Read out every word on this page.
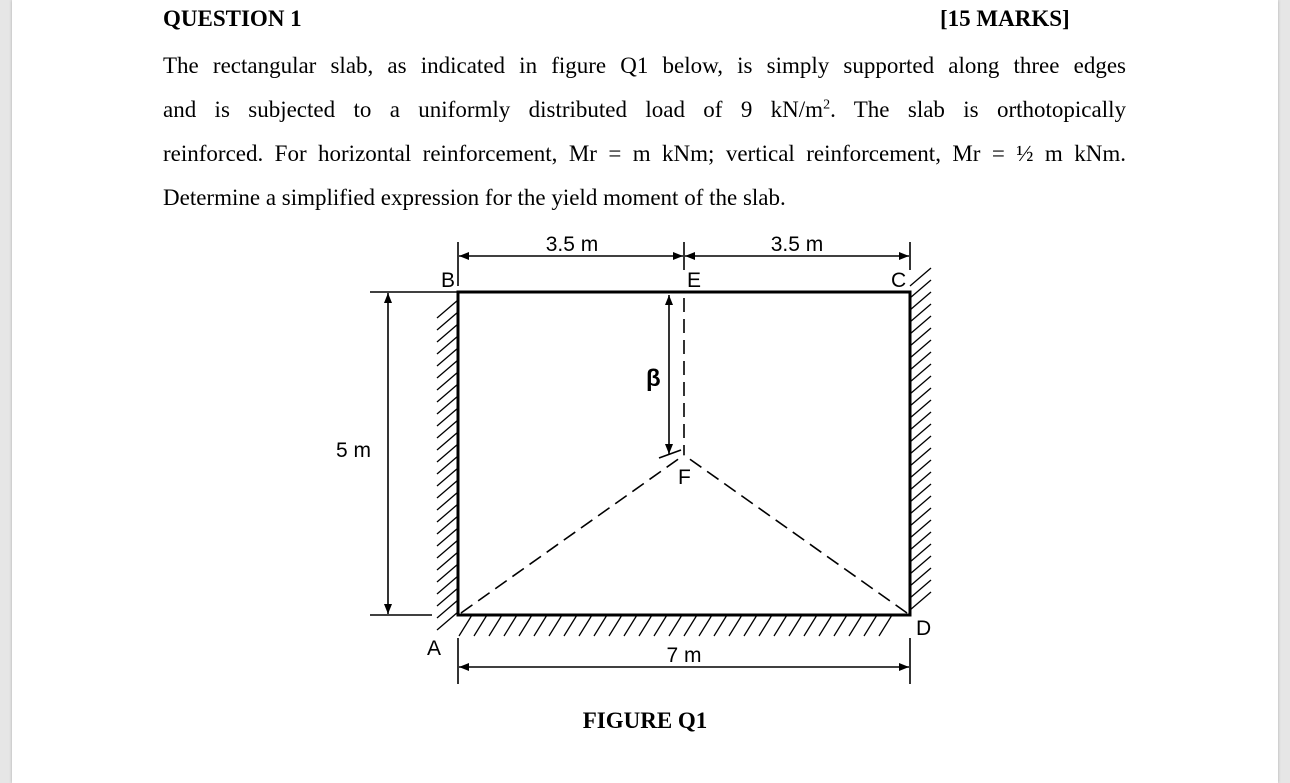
QUESTION 1	[15 MARKS]
The rectangular slab, as indicated in figure Q1 below, is simply supported along three edges
and is subjected to a uniformly distributed load of 9 $kN/m^2$. The slab is orthotopically
reinforced. For horizontal reinforcement, Mr = m kNm; vertical reinforcement, Mr = ½ m kNm.
Determine a simplified expression for the yield moment of the slab.
β
3.5 m	3.5 m
5 m
7 m
A
B	C
D
E
F
FIGURE Q1
